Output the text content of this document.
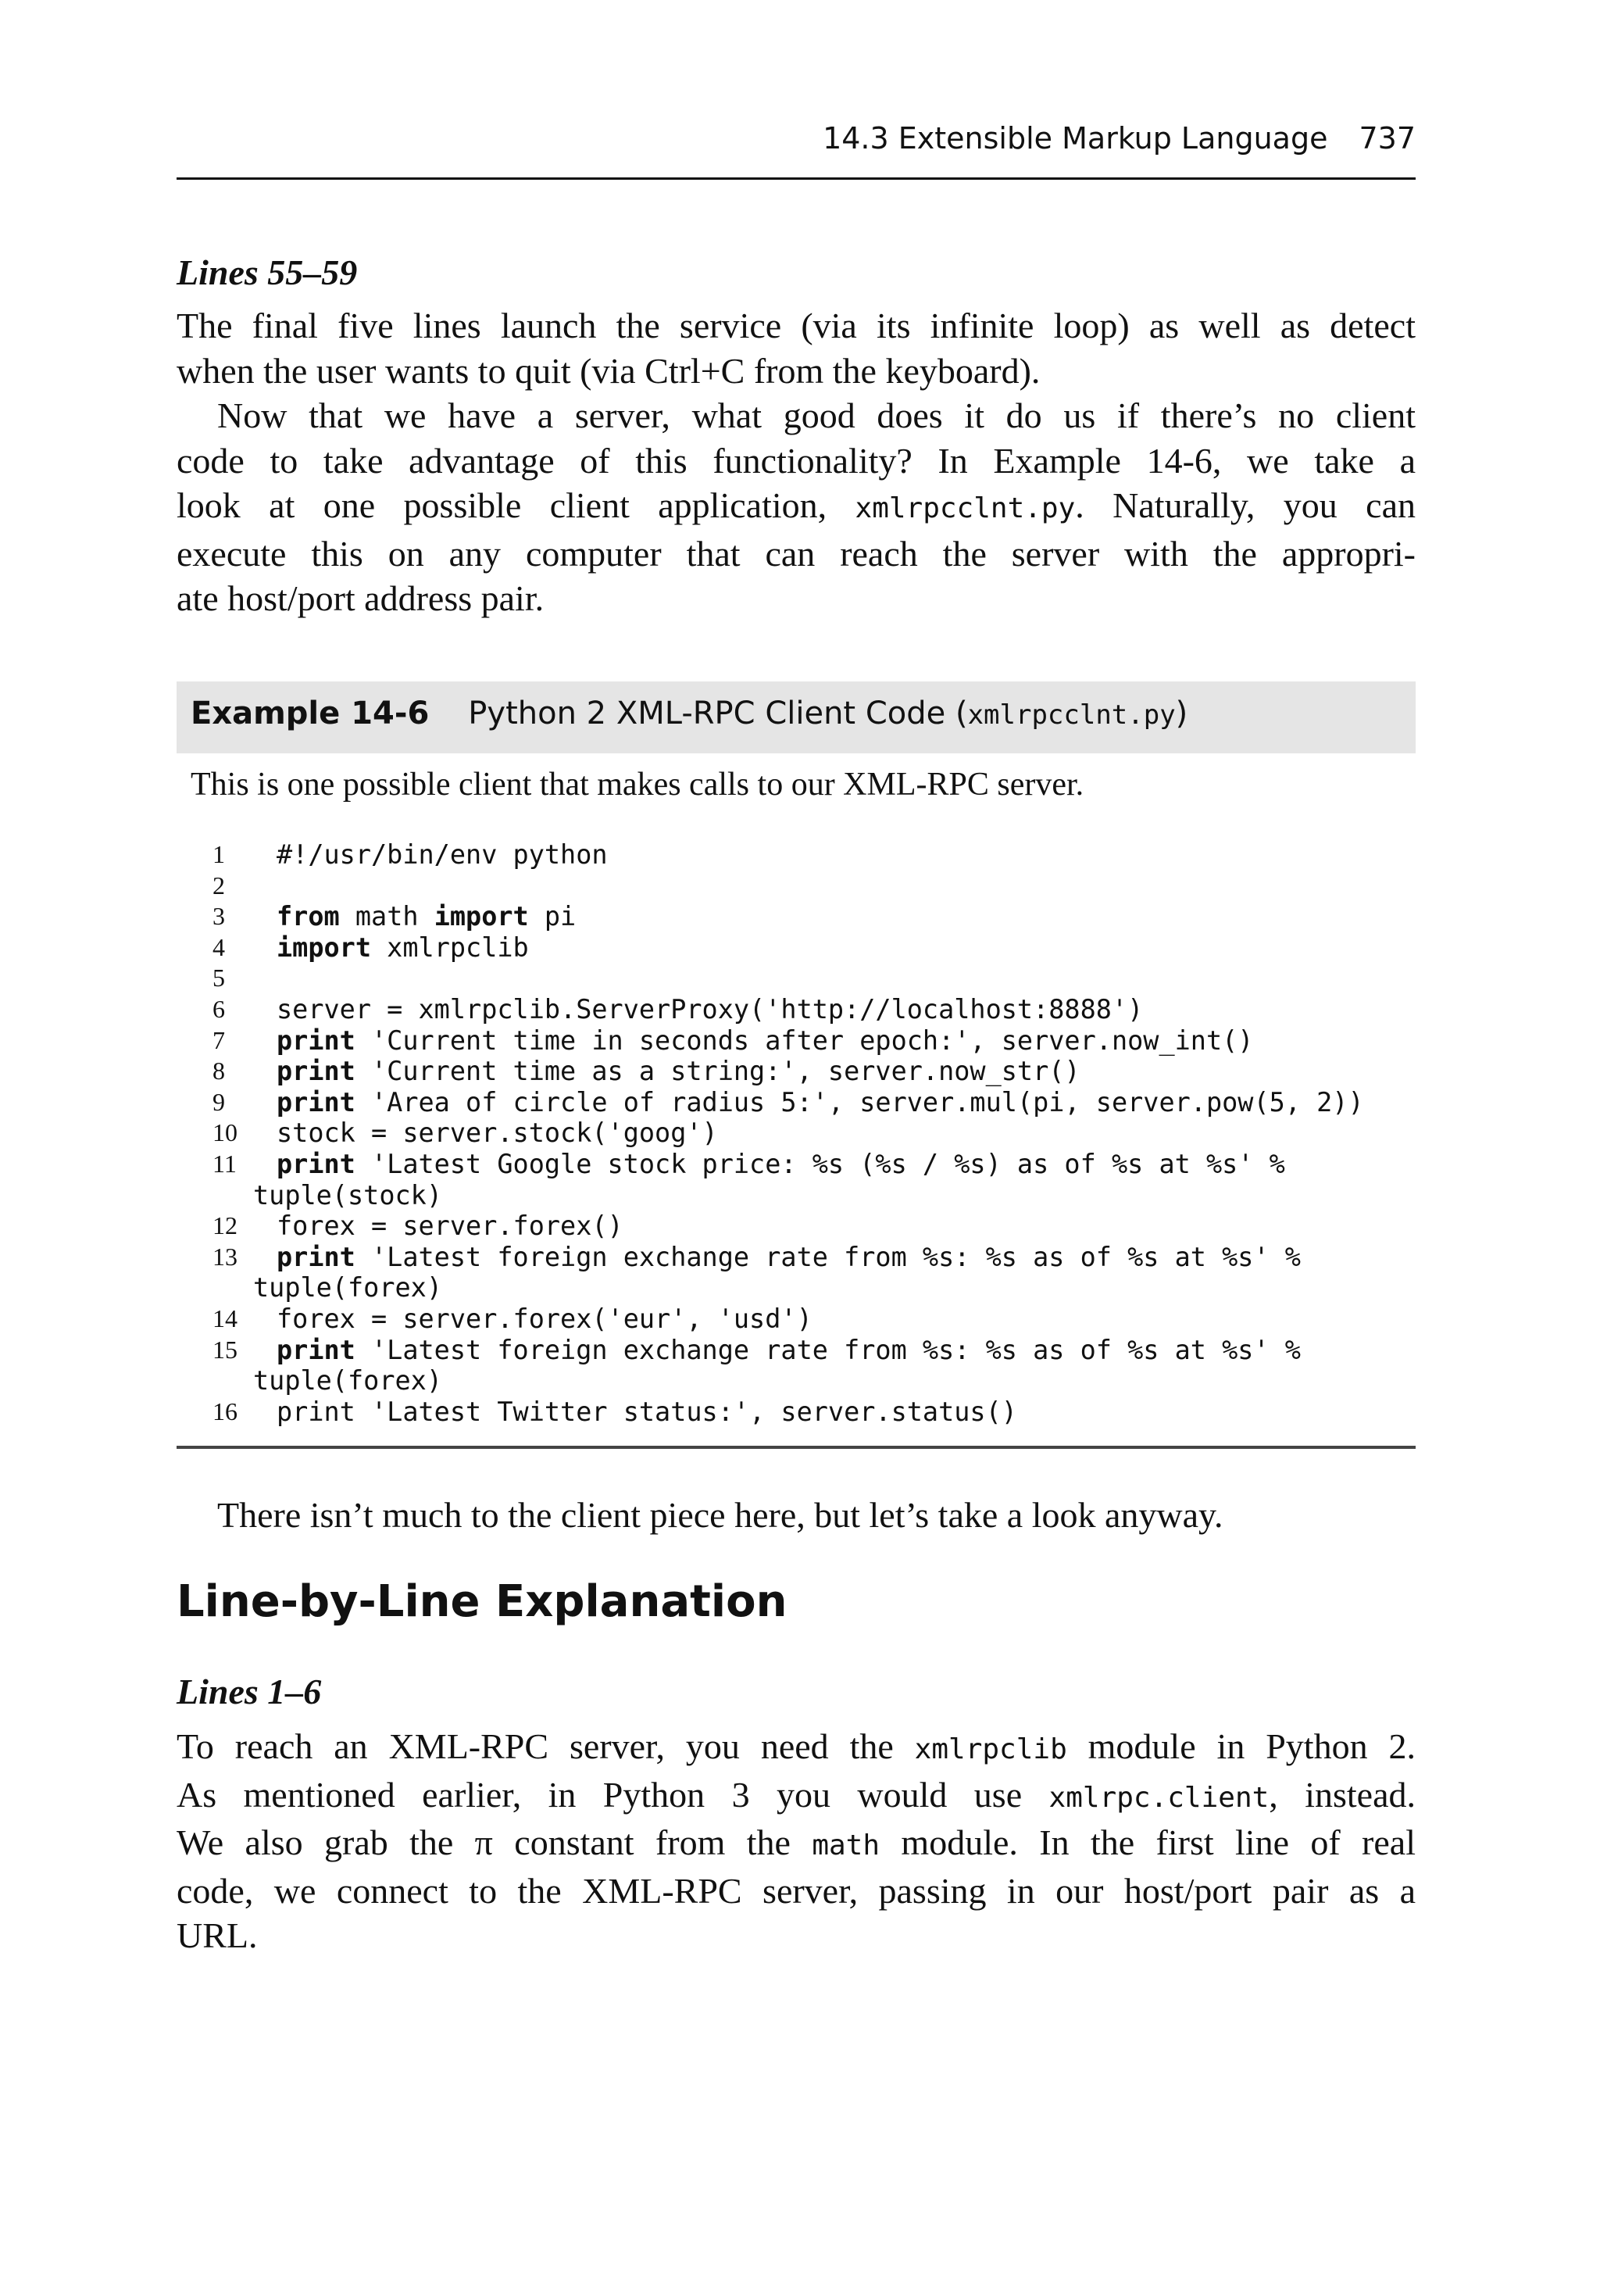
14.3 Extensible Markup Language 737
Lines 55–59
The final five lines launch the service (via its infinite loop) as well as detect
when the user wants to quit (via Ctrl+C from the keyboard).
Now that we have a server, what good does it do us if there’s no client
code to take advantage of this functionality? In Example 14-6, we take a
look at one possible client application, xmlrpcclnt.py. Naturally, you can
execute this on any computer that can reach the server with the appropri-
ate host/port address pair.
Example 14-6 Python 2 XML-RPC Client Code (xmlrpcclnt.py)
This is one possible client that makes calls to our XML-RPC server.
1	#!/usr/bin/env python
2
3	from math import pi
4	import xmlrpclib
5
6	server = xmlrpclib.ServerProxy('http://localhost:8888')
7	print 'Current time in seconds after epoch:', server.now_int()
8	print 'Current time as a string:', server.now_str()
9	print 'Area of circle of radius 5:', server.mul(pi, server.pow(5, 2))
10	stock = server.stock('goog')
11	print 'Latest Google stock price: %s (%s / %s) as of %s at %s' %
tuple(stock)
12	forex = server.forex()
13	print 'Latest foreign exchange rate from %s: %s as of %s at %s' %
tuple(forex)
14	forex = server.forex('eur', 'usd')
15	print 'Latest foreign exchange rate from %s: %s as of %s at %s' %
tuple(forex)
16	print 'Latest Twitter status:', server.status()
There isn’t much to the client piece here, but let’s take a look anyway.
Line-by-Line Explanation
Lines 1–6
To reach an XML-RPC server, you need the xmlrpclib module in Python 2.
As mentioned earlier, in Python 3 you would use xmlrpc.client, instead.
We also grab the π constant from the math module. In the first line of real
code, we connect to the XML-RPC server, passing in our host/port pair as a
URL.
